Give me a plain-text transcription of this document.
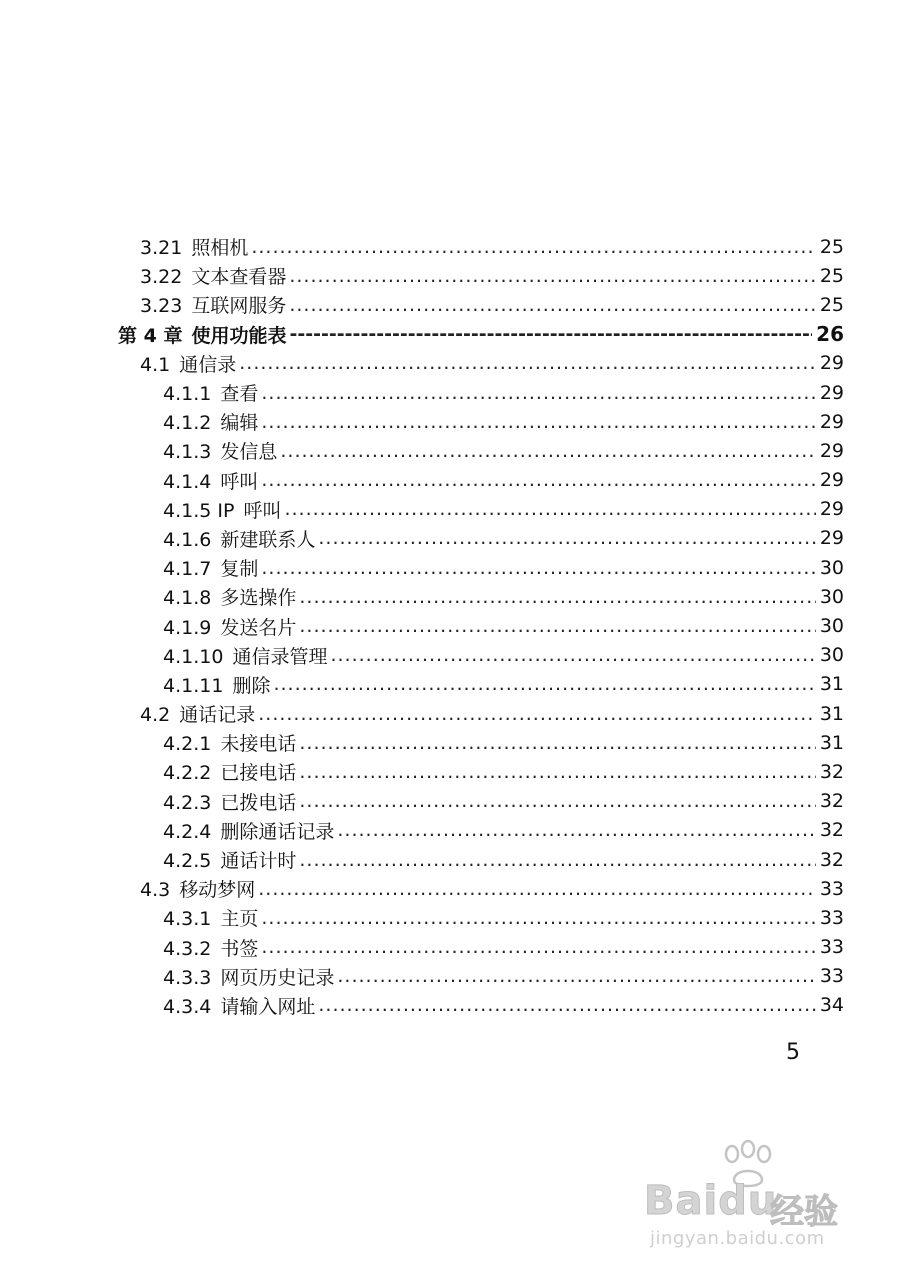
3.21 照相机 .....	25
3.22 文本查看器 .....	25
3.23 互联网服务 .....	25
第 4 章 使用功能表 -----	26
4.1 通信录 .....	29
4.1.1 查看 .....	29
4.1.2 编辑 .....	29
4.1.3 发信息 .....	29
4.1.4 呼叫 .....	29
4.1.5 IP 呼叫 .....	29
4.1.6 新建联系人 .....	29
4.1.7 复制 .....	30
4.1.8 多选操作 .....	30
4.1.9 发送名片 .....	30
4.1.10 通信录管理 .....	30
4.1.11 删除 .....	31
4.2 通话记录 .....	31
4.2.1 未接电话 .....	31
4.2.2 已接电话 .....	32
4.2.3 已拨电话 .....	32
4.2.4 删除通话记录 .....	32
4.2.5 通话计时 .....	32
4.3 移动梦网 .....	33
4.3.1 主页 .....	33
4.3.2 书签 .....	33
4.3.3 网页历史记录 .....	33
4.3.4 请输入网址 .....	34
5
Baidu
经验
jingyan.baidu.com
